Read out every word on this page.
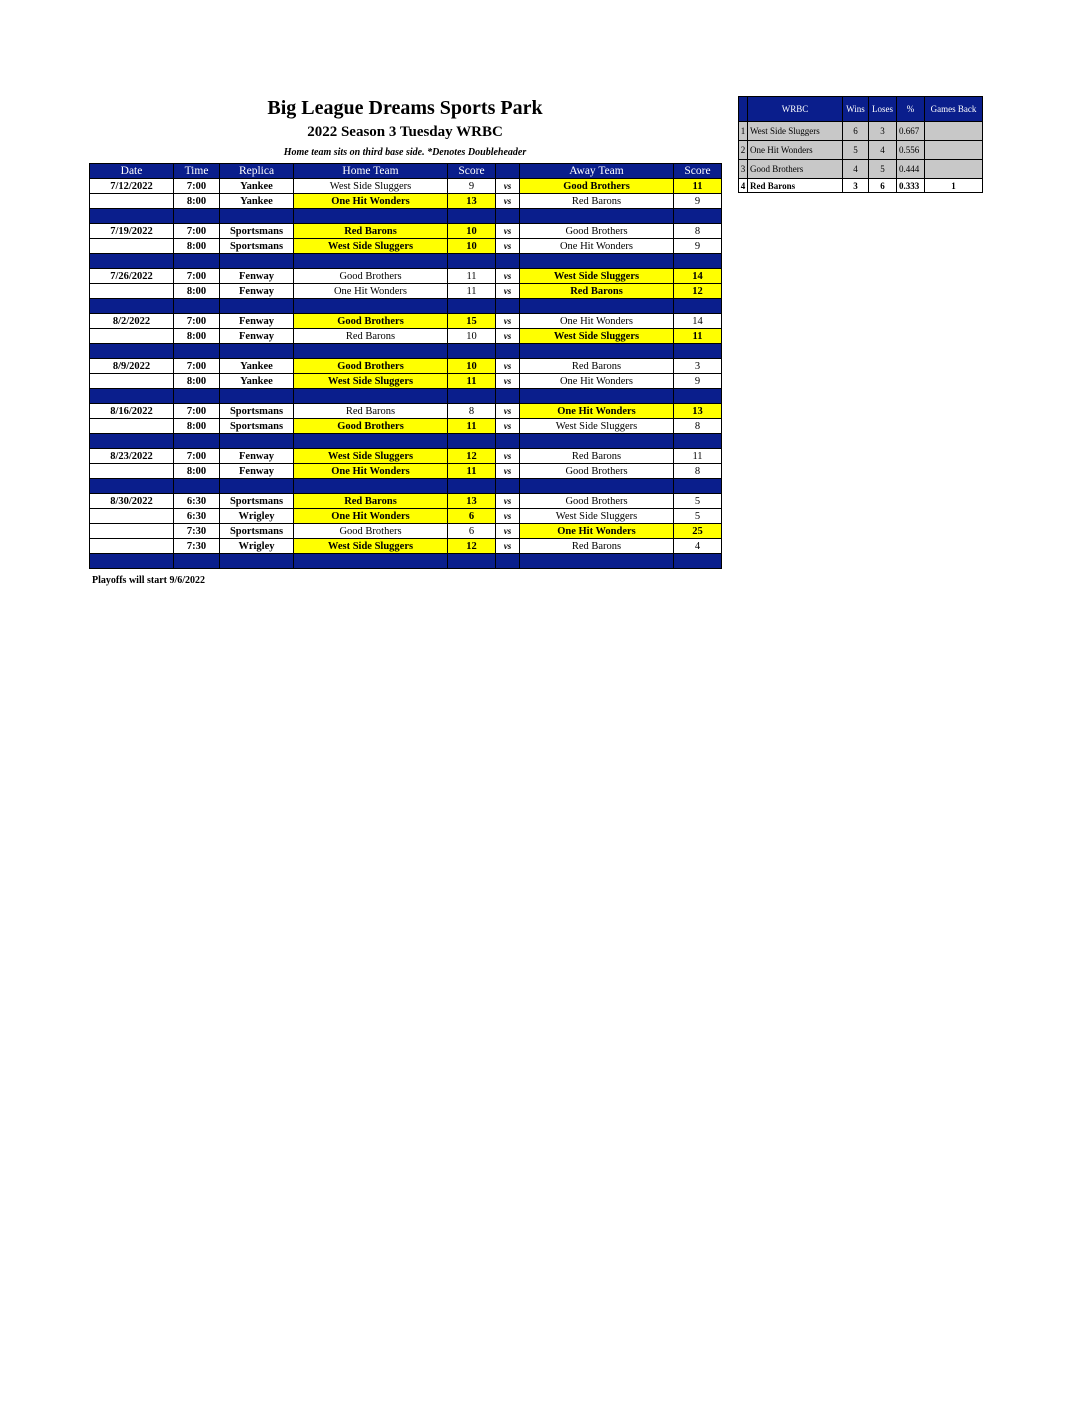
Big League Dreams Sports Park
2022 Season 3 Tuesday WRBC
Home team sits on third base side. *Denotes Doubleheader
Date	Time	Replica	Home Team	Score		Away Team	Score
7/12/2022	7:00	Yankee	West Side Sluggers	9	vs	Good Brothers	11
	8:00	Yankee	One Hit Wonders	13	vs	Red Barons	9

7/19/2022	7:00	Sportsmans	Red Barons	10	vs	Good Brothers	8
	8:00	Sportsmans	West Side Sluggers	10	vs	One Hit Wonders	9

7/26/2022	7:00	Fenway	Good Brothers	11	vs	West Side Sluggers	14
	8:00	Fenway	One Hit Wonders	11	vs	Red Barons	12

8/2/2022	7:00	Fenway	Good Brothers	15	vs	One Hit Wonders	14
	8:00	Fenway	Red Barons	10	vs	West Side Sluggers	11

8/9/2022	7:00	Yankee	Good Brothers	10	vs	Red Barons	3
	8:00	Yankee	West Side Sluggers	11	vs	One Hit Wonders	9

8/16/2022	7:00	Sportsmans	Red Barons	8	vs	One Hit Wonders	13
	8:00	Sportsmans	Good Brothers	11	vs	West Side Sluggers	8

8/23/2022	7:00	Fenway	West Side Sluggers	12	vs	Red Barons	11
	8:00	Fenway	One Hit Wonders	11	vs	Good Brothers	8

8/30/2022	6:30	Sportsmans	Red Barons	13	vs	Good Brothers	5
	6:30	Wrigley	One Hit Wonders	6	vs	West Side Sluggers	5
	7:30	Sportsmans	Good Brothers	6	vs	One Hit Wonders	25
	7:30	Wrigley	West Side Sluggers	12	vs	Red Barons	4

Playoffs will start 9/6/2022
	WRBC	Wins	Loses	%	Games Back
1	West Side Sluggers	6	3	0.667	
2	One Hit Wonders	5	4	0.556	
3	Good Brothers	4	5	0.444	
4	Red Barons	3	6	0.333	1
